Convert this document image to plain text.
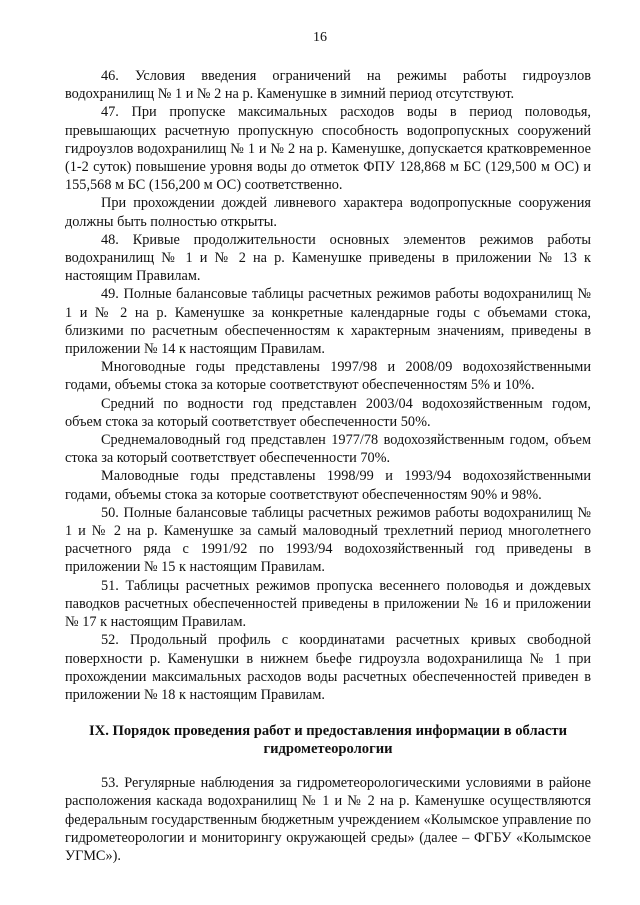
16

46. Условия введения ограничений на режимы работы гидроузлов водохранилищ № 1 и № 2 на р. Каменушке в зимний период отсутствуют.

47. При пропуске максимальных расходов воды в период половодья, превышающих расчетную пропускную способность водопропускных сооружений гидроузлов водохранилищ № 1 и № 2 на р. Каменушке, допускается кратковременное (1-2 суток) повышение уровня воды до отметок ФПУ 128,868 м БС (129,500 м ОС) и 155,568 м БС (156,200 м ОС) соответственно.

При прохождении дождей ливневого характера водопропускные сооружения должны быть полностью открыты.

48. Кривые продолжительности основных элементов режимов работы водохранилищ № 1 и № 2 на р. Каменушке приведены в приложении № 13 к настоящим Правилам.

49. Полные балансовые таблицы расчетных режимов работы водохранилищ № 1 и № 2 на р. Каменушке за конкретные календарные годы с объемами стока, близкими по расчетным обеспеченностям к характерным значениям, приведены в приложении № 14 к настоящим Правилам.

Многоводные годы представлены 1997/98 и 2008/09 водохозяйственными годами, объемы стока за которые соответствуют обеспеченностям 5% и 10%.

Средний по водности год представлен 2003/04 водохозяйственным годом, объем стока за который соответствует обеспеченности 50%.

Среднемаловодный год представлен 1977/78 водохозяйственным годом, объем стока за который соответствует обеспеченности 70%.

Маловодные годы представлены 1998/99 и 1993/94 водохозяйственными годами, объемы стока за которые соответствуют обеспеченностям 90% и 98%.

50. Полные балансовые таблицы расчетных режимов работы водохранилищ № 1 и № 2 на р. Каменушке за самый маловодный трехлетний период многолетнего расчетного ряда с 1991/92 по 1993/94 водохозяйственный год приведены в приложении № 15 к настоящим Правилам.

51. Таблицы расчетных режимов пропуска весеннего половодья и дождевых паводков расчетных обеспеченностей приведены в приложении № 16 и приложении № 17 к настоящим Правилам.

52. Продольный профиль с координатами расчетных кривых свободной поверхности р. Каменушки в нижнем бьефе гидроузла водохранилища № 1 при прохождении максимальных расходов воды расчетных обеспеченностей приведен в приложении № 18 к настоящим Правилам.

IX. Порядок проведения работ и предоставления информации в области гидрометеорологии

53. Регулярные наблюдения за гидрометеорологическими условиями в районе расположения каскада водохранилищ № 1 и № 2 на р. Каменушке осуществляются федеральным государственным бюджетным учреждением «Колымское управление по гидрометеорологии и мониторингу окружающей среды» (далее – ФГБУ «Колымское УГМС»).
